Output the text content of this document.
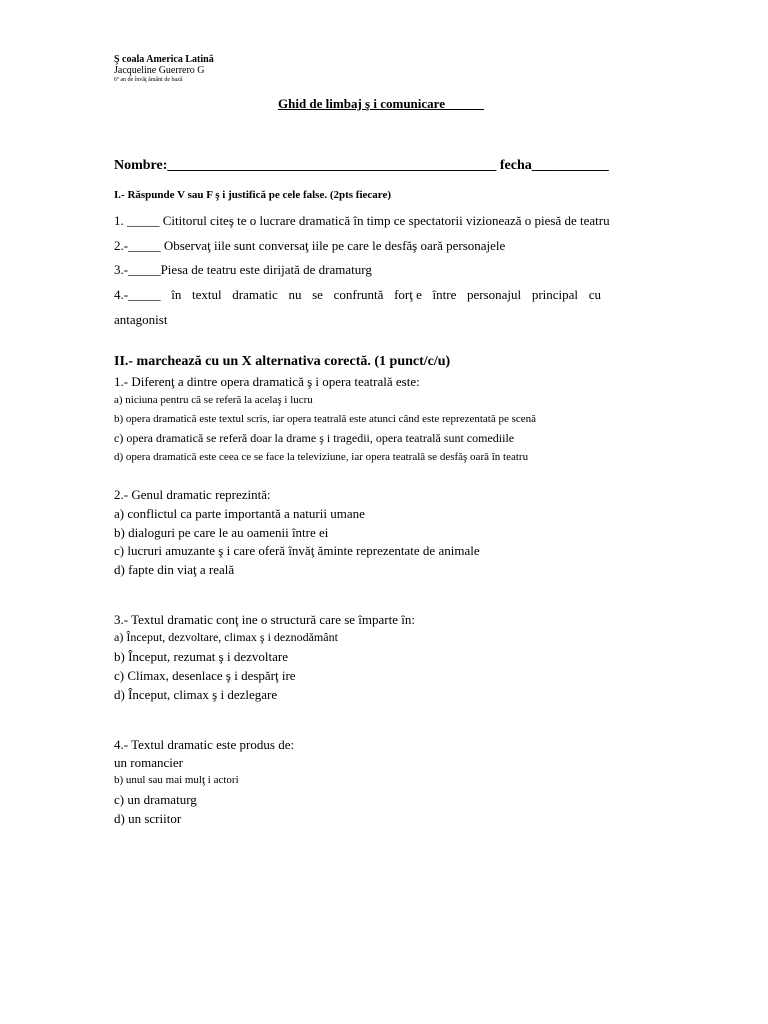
Ş coala America Latină
Jacqueline Guerrero G
6º an de învăţ ământ de bază
Ghid de limbaj ş i comunicare______
Nombre:_______________________________________________ fecha___________
I.- Răspunde V sau F ş i justifică pe cele false. (2pts fiecare)
1. _____ Cititorul citeş te o lucrare dramatică în timp ce spectatorii vizionează o piesă de teatru
2.-_____ Observaţ iile sunt conversaţ iile pe care le desfăş oară personajele
3.-_____Piesa de teatru este dirijată de dramaturg
4.-_____ în textul dramatic nu se confruntă forţ e între personajul principal cu
antagonist
II.- marchează cu un X alternativa corectă. (1 punct/c/u)
1.- Diferenţ a dintre opera dramatică ş i opera teatrală este:
a) niciuna pentru că se referă la acelaş i lucru
b) opera dramatică este textul scris, iar opera teatrală este atunci când este reprezentată pe scenă
c) opera dramatică se referă doar la drame ş i tragedii, opera teatrală sunt comediile
d) opera dramatică este ceea ce se face la televiziune, iar opera teatrală se desfăş oară în teatru
2.- Genul dramatic reprezintă:
a) conflictul ca parte importantă a naturii umane
b) dialoguri pe care le au oamenii între ei
c) lucruri amuzante ş i care oferă învăţ ăminte reprezentate de animale
d) fapte din viaţ a reală
3.- Textul dramatic conţ ine o structură care se împarte în:
a) Început, dezvoltare, climax ş i deznodământ
b) Început, rezumat ş i dezvoltare
c) Climax, desenlace ş i despărţ ire
d) Început, climax ş i dezlegare
4.- Textul dramatic este produs de:
un romancier
b) unul sau mai mulţ i actori
c) un dramaturg
d) un scriitor
